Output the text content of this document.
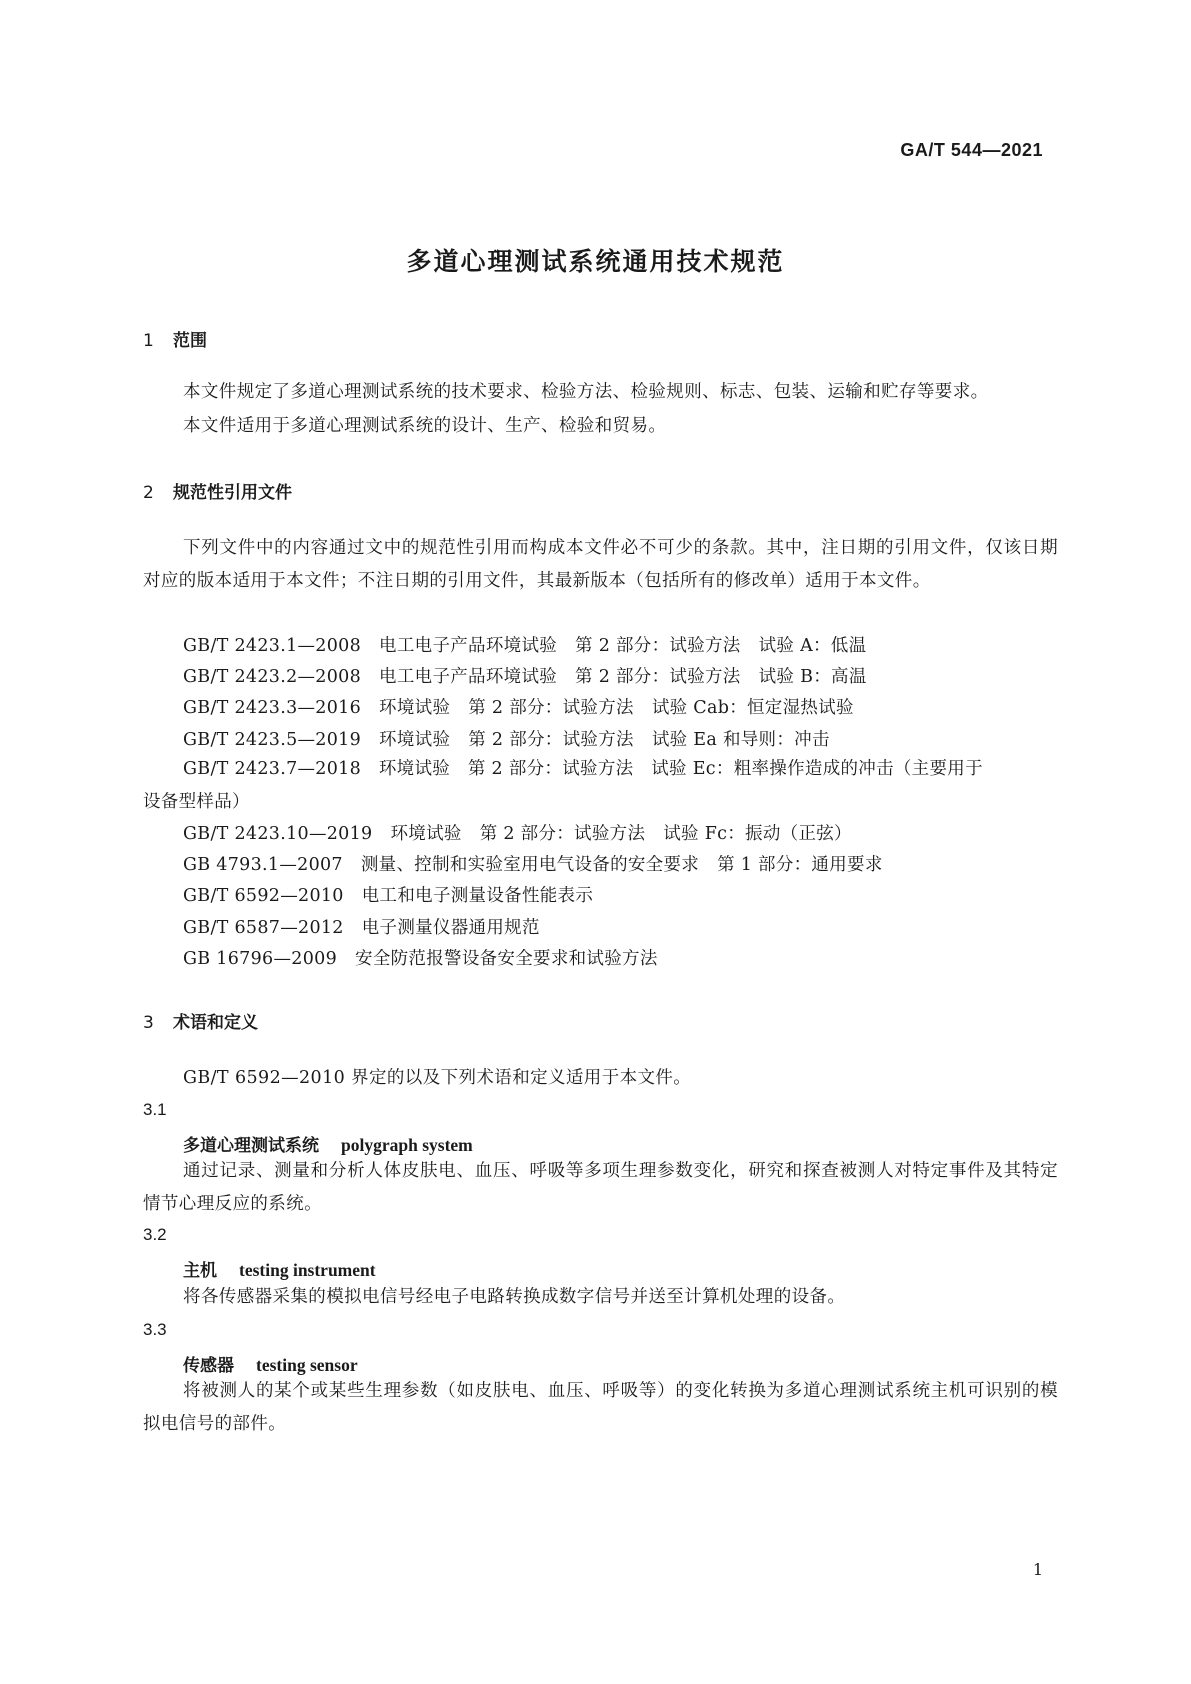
GA/T 544—2021
多道心理测试系统通用技术规范
1 范围
本文件规定了多道心理测试系统的技术要求、检验方法、检验规则、标志、包装、运输和贮存等要求。
本文件适用于多道心理测试系统的设计、生产、检验和贸易。
2 规范性引用文件
下列文件中的内容通过文中的规范性引用而构成本文件必不可少的条款。其中，注日期的引用文件，仅该日期对应的版本适用于本文件；不注日期的引用文件，其最新版本（包括所有的修改单）适用于本文件。
GB/T 2423.1—2008 电工电子产品环境试验 第 2 部分：试验方法 试验 A：低温
GB/T 2423.2—2008 电工电子产品环境试验 第 2 部分：试验方法 试验 B：高温
GB/T 2423.3—2016 环境试验 第 2 部分：试验方法 试验 Cab：恒定湿热试验
GB/T 2423.5—2019 环境试验 第 2 部分：试验方法 试验 Ea 和导则：冲击
GB/T 2423.7—2018  环境试验  第 2 部分：试验方法  试验 Ec：粗率操作造成的冲击（主要用于
设备型样品）
GB/T 2423.10—2019 环境试验 第 2 部分：试验方法 试验 Fc：振动（正弦）
GB 4793.1—2007 测量、控制和实验室用电气设备的安全要求 第 1 部分：通用要求
GB/T 6592—2010 电工和电子测量设备性能表示
GB/T 6587—2012 电子测量仪器通用规范
GB 16796—2009 安全防范报警设备安全要求和试验方法
3 术语和定义
GB/T 6592—2010 界定的以及下列术语和定义适用于本文件。
3.1
多道心理测试系统 polygraph system
通过记录、测量和分析人体皮肤电、血压、呼吸等多项生理参数变化，研究和探查被测人对特定事件及其特定情节心理反应的系统。
3.2
主机 testing instrument
将各传感器采集的模拟电信号经电子电路转换成数字信号并送至计算机处理的设备。
3.3
传感器 testing sensor
将被测人的某个或某些生理参数（如皮肤电、血压、呼吸等）的变化转换为多道心理测试系统主机可识别的模拟电信号的部件。
1
